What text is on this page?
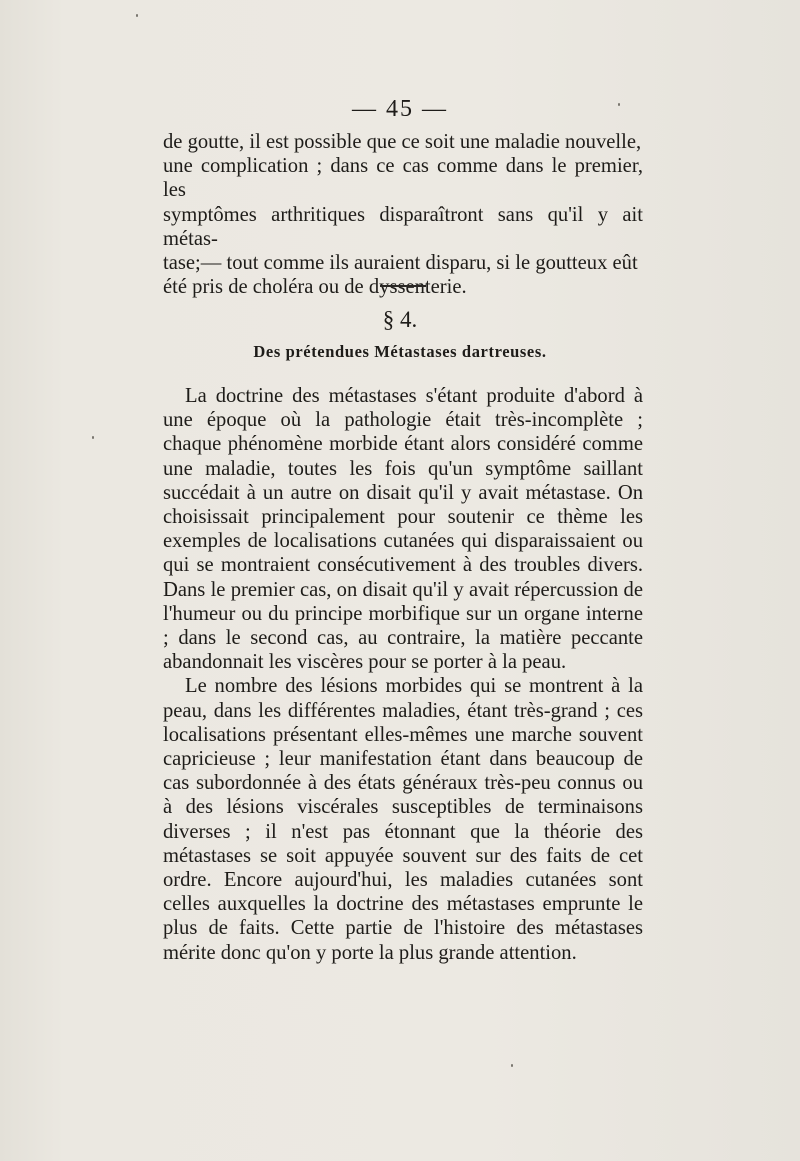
— 45 —

de goutte, il est possible que ce soit une maladie nouvelle,

une complication ; dans ce cas comme dans le premier, les

symptômes arthritiques disparaîtront sans qu'il y ait métas-

tase;— tout comme ils auraient disparu, si le goutteux eût

été pris de choléra ou de dyssenterie.

§ 4.
Des prétendues Métastases dartreuses.

La doctrine des métastases s'étant produite d'abord à une époque où la pathologie était très-incomplète ; chaque phénomène morbide étant alors considéré comme une maladie, toutes les fois qu'un symptôme saillant succédait à un autre on disait qu'il y avait métastase. On choisissait principalement pour soutenir ce thème les exemples de localisations cutanées qui disparaissaient ou qui se montraient consécutivement à des troubles divers. Dans le premier cas, on disait qu'il y avait répercussion de l'humeur ou du principe morbifique sur un organe interne ; dans le second cas, au contraire, la matière peccante abandonnait les viscères pour se porter à la peau.

Le nombre des lésions morbides qui se montrent à la peau, dans les différentes maladies, étant très-grand ; ces localisations présentant elles-mêmes une marche souvent capricieuse ; leur manifestation étant dans beaucoup de cas subordonnée à des états généraux très-peu connus ou à des lésions viscérales susceptibles de terminaisons diverses ; il n'est pas étonnant que la théorie des métastases se soit appuyée souvent sur des faits de cet ordre. Encore aujourd'hui, les maladies cutanées sont celles auxquelles la doctrine des métastases emprunte le plus de faits. Cette partie de l'histoire des métastases mérite donc qu'on y porte la plus grande attention.
